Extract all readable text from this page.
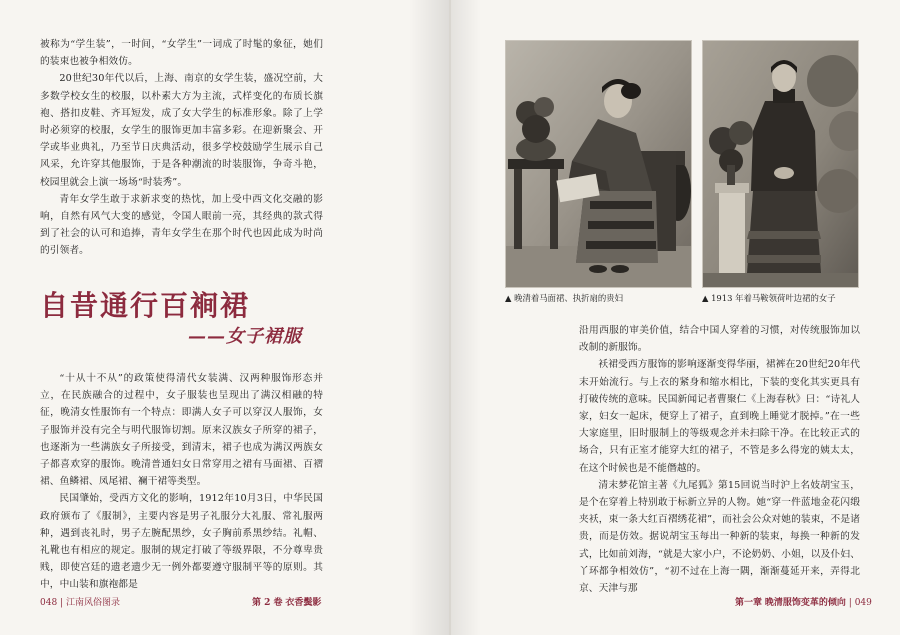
被称为“学生装”，一时间，“女学生”一词成了时髦的象征，她们的装束也被争相效仿。

20世纪30年代以后，上海、南京的女学生装，盛况空前，大多数学校女生的校服，以朴素大方为主流，式样变化的布质长旗袍、搭扣皮鞋、齐耳短发，成了女大学生的标准形象。除了上学时必须穿的校服，女学生的服饰更加丰富多彩。在迎新聚会、开学或毕业典礼，乃至节日庆典活动，很多学校鼓励学生展示自己风采，允许穿其他服饰，于是各种潮流的时装服饰，争奇斗艳，校园里就会上演一场场“时装秀”。

青年女学生敢于求新求变的热忱，加上受中西文化交融的影响，自然有风气大变的感觉，令国人眼前一亮，其经典的款式得到了社会的认可和追捧，青年女学生在那个时代也因此成为时尚的引领者。

自昔通行百裥裙
——女子裙服

“十从十不从”的政策使得清代女装满、汉两种服饰形态并立，在民族融合的过程中，女子服装也呈现出了满汉相融的特征，晚清女性服饰有一个特点：即满人女子可以穿汉人服饰，女子服饰并没有完全与明代服饰切割。原来汉族女子所穿的裙子，也逐渐为一些满族女子所接受，到清末，裙子也成为满汉两族女子都喜欢穿的服饰。晚清普通妇女日常穿用之裙有马面裙、百褶裙、鱼鳞裙、凤尾裙、襕干裙等类型。

民国肇始，受西方文化的影响，1912年10月3日，中华民国政府颁布了《服制》，主要内容是男子礼服分大礼服、常礼服两种，遇到丧礼时，男子左腕配黑纱，女子胸前系黑纱结。礼帽、礼靴也有相应的规定。服制的规定打破了等级界限，不分尊卑贵贱，即使宫廷的遗老遗少无一例外都要遵守服制平等的原则。其中，中山装和旗袍都是

048 | 江南风俗图录	第 2 卷 衣香鬓影

▲ 晚清着马面裙、执折扇的贵妇	▲ 1913 年着马鞍领荷叶边裙的女子

沿用西服的审美价值，结合中国人穿着的习惯，对传统服饰加以改制的新服饰。

袄裙受西方服饰的影响逐渐变得华丽，裙裤在20世纪20年代末开始流行。与上衣的紧身和缩水相比，下装的变化其实更具有打破传统的意味。民国新闻记者曹聚仁《上海春秋》曰：“诗礼人家，妇女一起床，便穿上了裙子，直到晚上睡觉才脱掉。”在一些大家庭里，旧时服制上的等级观念并未扫除干净。在比较正式的场合，只有正室才能穿大红的裙子，不管是多么得宠的姨太太，在这个时候也是不能僭越的。

清末梦花馆主著《九尾狐》第15回说当时沪上名妓胡宝玉，是个在穿着上特别敢于标新立异的人物。她“穿一件蓝地金花闪缎夹袄，束一条大红百褶绣花裙”，而社会公众对她的装束，不是诸贵，而是仿效。据说胡宝玉每出一种新的装束，每换一种新的发式，比如前刘海，“就是大家小户，不论奶奶、小姐，以及仆妇、丫环都争相效仿”，“初不过在上海一隅，渐渐蔓延开来，弄得北京、天津与那

第一章 晚清服饰变革的倾向 | 049
